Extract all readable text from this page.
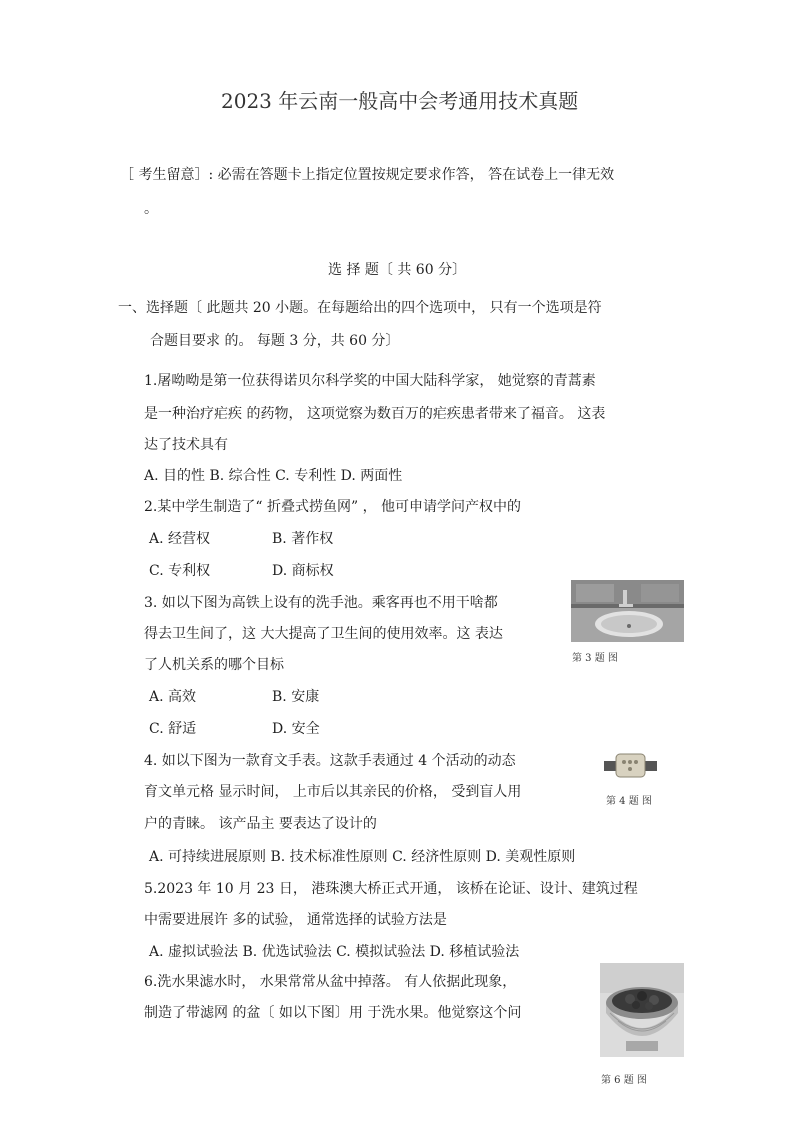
2023 年云南一般高中会考通用技术真题
［ 考生留意］: 必需在答题卡上指定位置按规定要求作答， 答在试卷上一律无效
。
选 择 题〔 共 60 分〕
一、选择题〔 此题共 20 小题。在每题给出的四个选项中， 只有一个选项是符
合题目要求 的。 每题 3 分，共 60 分〕
1.屠呦呦是第一位获得诺贝尔科学奖的中国大陆科学家， 她觉察的青蒿素
是一种治疗疟疾 的药物， 这项觉察为数百万的疟疾患者带来了福音。 这表
达了技术具有
A. 目的性 B. 综合性 C. 专利性 D. 两面性
2.某中学生制造了“ 折叠式捞鱼网” ， 他可申请学问产权中的
A. 经营权	B. 著作权
C. 专利权	D. 商标权
3. 如以下图为高铁上设有的洗手池。乘客再也不用干啥都
得去卫生间了，这 大大提高了卫生间的使用效率。这 表达
了人机关系的哪个目标
A. 高效	B. 安康
C. 舒适	D. 安全
第 3 题 图
4. 如以下图为一款育文手表。这款手表通过 4 个活动的动态
育文单元格 显示时间， 上市后以其亲民的价格， 受到盲人用
户的青睐。 该产品主 要表达了设计的
A. 可持续进展原则 B. 技术标准性原则 C. 经济性原则 D. 美观性原则
第 4 题 图
5.2023 年 10 月 23 日， 港珠澳大桥正式开通， 该桥在论证、设计、建筑过程
中需要进展许 多的试验， 通常选择的试验方法是
A. 虚拟试验法 B. 优选试验法 C. 模拟试验法 D. 移植试验法
6.洗水果滤水时， 水果常常从盆中掉落。 有人依据此现象，
制造了带滤网 的盆〔 如以下图〕用 于洗水果。他觉察这个问
第 6 题 图
